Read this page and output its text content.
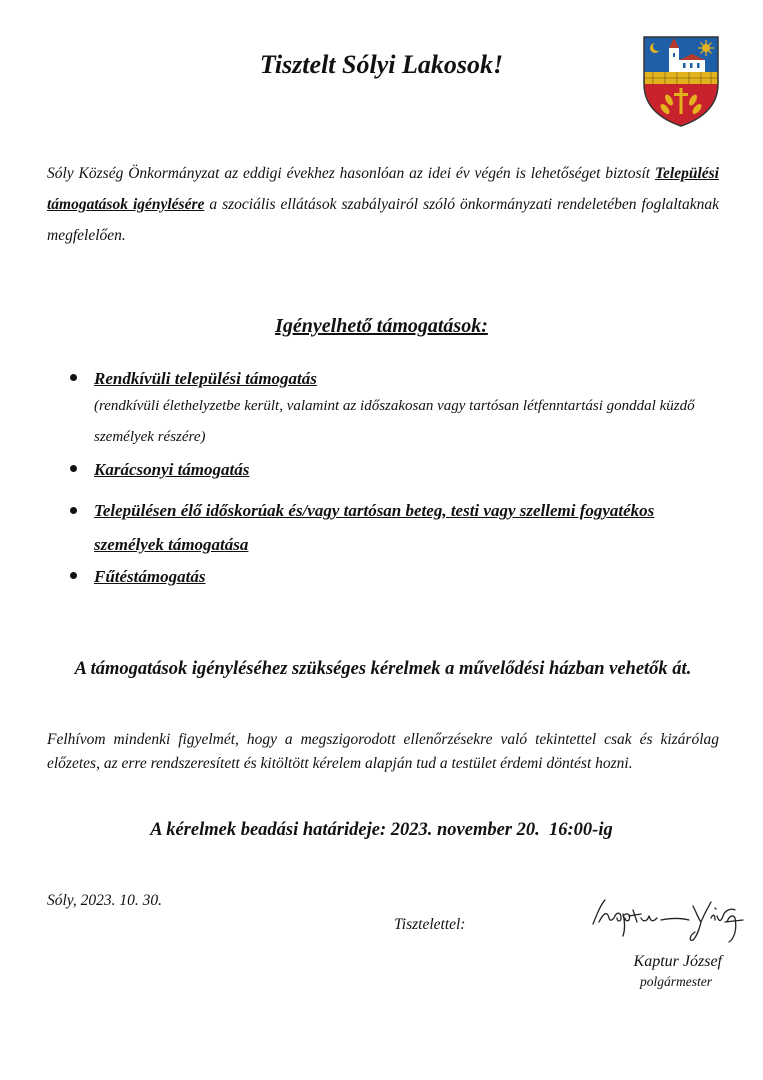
Tisztelt Sólyi Lakosok!
Sóly Község Önkormányzat az eddigi évekhez hasonlóan az idei év végén is lehetőséget biztosít Települési támogatások igénylésére a szociális ellátások szabályairól szóló önkormányzati rendeletében foglaltaknak megfelelően.
Igényelhető támogatások:
Rendkívüli települési támogatás
(rendkívüli élethelyzetbe került, valamint az időszakosan vagy tartósan létfenntartási gonddal küzdő személyek részére)
Karácsonyi támogatás
Településen élő időskorúak és/vagy tartósan beteg, testi vagy szellemi fogyatékos személyek támogatása
Fűtéstámogatás
A támogatások igényléséhez szükséges kérelmek a művelődési házban vehetők át.
Felhívom mindenki figyelmét, hogy a megszigorodott ellenőrzésekre való tekintettel csak és kizárólag előzetes, az erre rendszeresített és kitöltött kérelem alapján tud a testület érdemi döntést hozni.
A kérelmek beadási határideje: 2023. november 20.  16:00-ig
Sóly, 2023. 10. 30.
Tisztelettel:
Kaptur József
polgármester
